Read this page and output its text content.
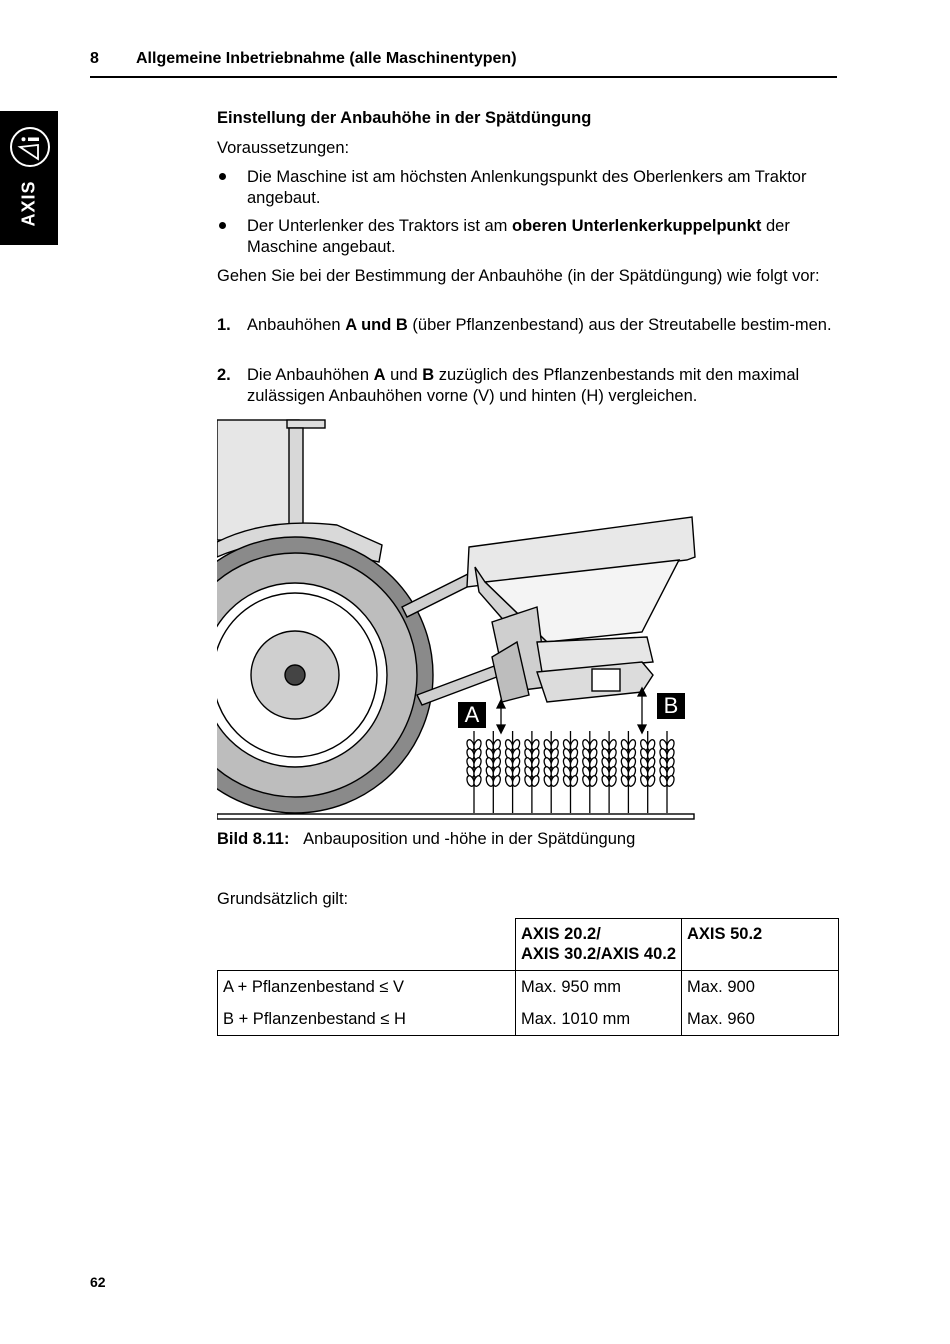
8 Allgemeine Inbetriebnahme (alle Maschinentypen)
AXIS

Einstellung der Anbauhöhe in der Spätdüngung

Voraussetzungen:

Die Maschine ist am höchsten Anlenkungspunkt des Oberlenkers am Traktor angebaut.
Der Unterlenker des Traktors ist am oberen Unterlenkerkuppelpunkt der Maschine angebaut.

Gehen Sie bei der Bestimmung der Anbauhöhe (in der Spätdüngung) wie folgt vor:

1. Anbauhöhen A und B (über Pflanzenbestand) aus der Streutabelle bestim-men.
2. Die Anbauhöhen A und B zuzüglich des Pflanzenbestands mit den maximal zulässigen Anbauhöhen vorne (V) und hinten (H) vergleichen.
A	B
Bild 8.11: Anbauposition und -höhe in der Spätdüngung
Grundsätzlich gilt:
	AXIS 20.2/
AXIS 30.2/AXIS 40.2	AXIS 50.2
A + Pflanzenbestand ≤ V	Max. 950 mm	Max. 900
B + Pflanzenbestand ≤ H	Max. 1010 mm	Max. 960
62
